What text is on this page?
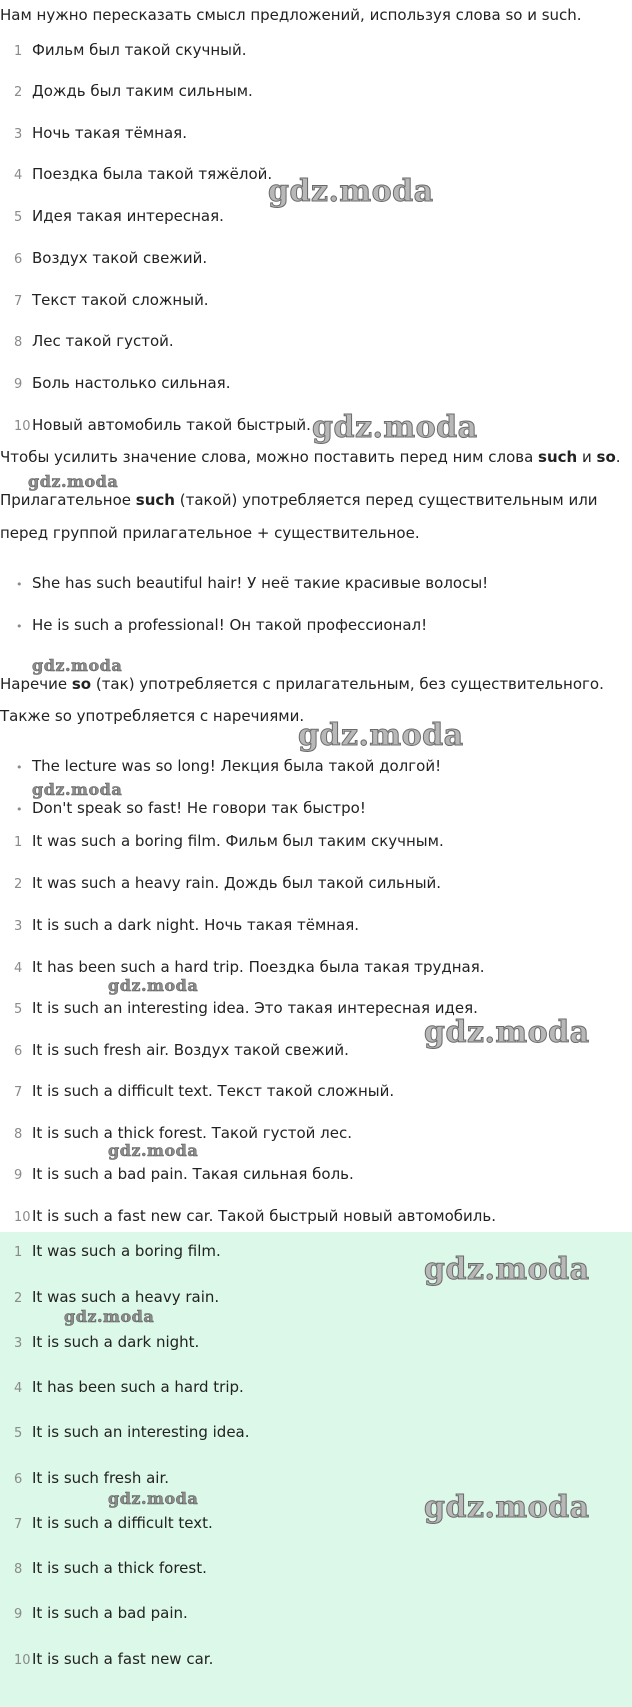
Нам нужно пересказать смысл предложений, используя слова so и such.
1 Фильм был такой скучный.
2 Дождь был таким сильным.
3 Ночь такая тёмная.
4 Поездка была такой тяжёлой.
5 Идея такая интересная.
6 Воздух такой свежий.
7 Текст такой сложный.
8 Лес такой густой.
9 Боль настолько сильная.
10Новый автомобиль такой быстрый.
Чтобы усилить значение слова, можно поставить перед ним слова such и so.
Прилагательное such (такой) употребляется перед существительным или
перед группой прилагательное + существительное.
• She has such beautiful hair! У неё такие красивые волосы!
• He is such a professional! Он такой профессионал!
Наречие so (так) употребляется с прилагательным, без существительного.
Также so употребляется с наречиями.
• The lecture was so long! Лекция была такой долгой!
• Don't speak so fast! Не говори так быстро!
1 It was such a boring film. Фильм был таким скучным.
2 It was such a heavy rain. Дождь был такой сильный.
3 It is such a dark night. Ночь такая тёмная.
4 It has been such a hard trip. Поездка была такая трудная.
5 It is such an interesting idea. Это такая интересная идея.
6 It is such fresh air. Воздух такой свежий.
7 It is such a difficult text. Текст такой сложный.
8 It is such a thick forest. Такой густой лес.
9 It is such a bad pain. Такая сильная боль.
10It is such a fast new car. Такой быстрый новый автомобиль.
1 It was such a boring film.
2 It was such a heavy rain.
3 It is such a dark night.
4 It has been such a hard trip.
5 It is such an interesting idea.
6 It is such fresh air.
7 It is such a difficult text.
8 It is such a thick forest.
9 It is such a bad pain.
10It is such a fast new car.
gdz.moda
gdz.moda
gdz.moda
gdz.moda
gdz.moda
gdz.moda
gdz.moda
gdz.moda
gdz.moda
gdz.moda
gdz.moda
gdz.moda	gdz.moda
